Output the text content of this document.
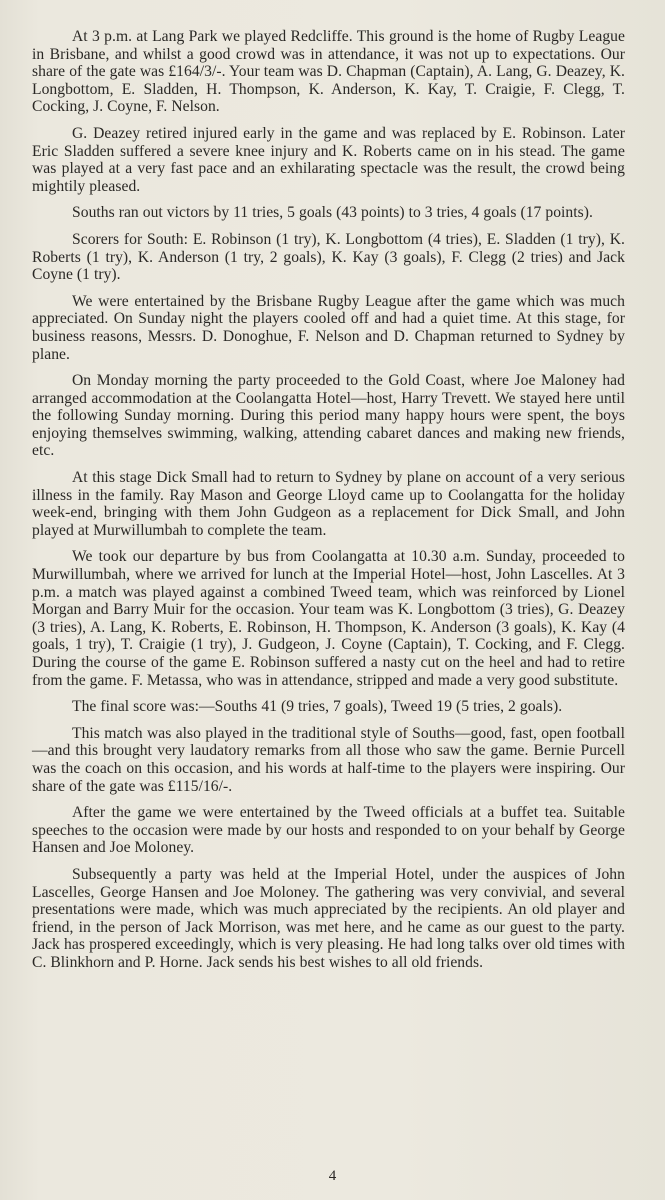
At 3 p.m. at Lang Park we played Redcliffe. This ground is the home of Rugby League in Brisbane, and whilst a good crowd was in attendance, it was not up to expectations. Our share of the gate was £164/3/-. Your team was D. Chapman (Captain), A. Lang, G. Deazey, K. Longbottom, E. Sladden, H. Thompson, K. Anderson, K. Kay, T. Craigie, F. Clegg, T. Cocking, J. Coyne, F. Nelson.

G. Deazey retired injured early in the game and was replaced by E. Robinson. Later Eric Sladden suffered a severe knee injury and K. Roberts came on in his stead. The game was played at a very fast pace and an exhilarating spectacle was the result, the crowd being mightily pleased.

Souths ran out victors by 11 tries, 5 goals (43 points) to 3 tries, 4 goals (17 points).

Scorers for South: E. Robinson (1 try), K. Longbottom (4 tries), E. Sladden (1 try), K. Roberts (1 try), K. Anderson (1 try, 2 goals), K. Kay (3 goals), F. Clegg (2 tries) and Jack Coyne (1 try).

We were entertained by the Brisbane Rugby League after the game which was much appreciated. On Sunday night the players cooled off and had a quiet time. At this stage, for business reasons, Messrs. D. Donoghue, F. Nelson and D. Chapman returned to Sydney by plane.

On Monday morning the party proceeded to the Gold Coast, where Joe Maloney had arranged accommodation at the Coolangatta Hotel—host, Harry Trevett. We stayed here until the following Sunday morning. During this period many happy hours were spent, the boys enjoying themselves swimming, walking, attending cabaret dances and making new friends, etc.

At this stage Dick Small had to return to Sydney by plane on account of a very serious illness in the family. Ray Mason and George Lloyd came up to Coolangatta for the holiday week-end, bringing with them John Gudgeon as a replacement for Dick Small, and John played at Murwillumbah to complete the team.

We took our departure by bus from Coolangatta at 10.30 a.m. Sunday, proceeded to Murwillumbah, where we arrived for lunch at the Imperial Hotel—host, John Lascelles. At 3 p.m. a match was played against a combined Tweed team, which was reinforced by Lionel Morgan and Barry Muir for the occasion. Your team was K. Longbottom (3 tries), G. Deazey (3 tries), A. Lang, K. Roberts, E. Robinson, H. Thompson, K. Anderson (3 goals), K. Kay (4 goals, 1 try), T. Craigie (1 try), J. Gudgeon, J. Coyne (Captain), T. Cocking, and F. Clegg. During the course of the game E. Robinson suffered a nasty cut on the heel and had to retire from the game. F. Metassa, who was in attendance, stripped and made a very good substitute.

The final score was:—Souths 41 (9 tries, 7 goals), Tweed 19 (5 tries, 2 goals).

This match was also played in the traditional style of Souths—good, fast, open football—and this brought very laudatory remarks from all those who saw the game. Bernie Purcell was the coach on this occasion, and his words at half-time to the players were inspiring. Our share of the gate was £115/16/-.

After the game we were entertained by the Tweed officials at a buffet tea. Suitable speeches to the occasion were made by our hosts and responded to on your behalf by George Hansen and Joe Moloney.

Subsequently a party was held at the Imperial Hotel, under the auspices of John Lascelles, George Hansen and Joe Moloney. The gathering was very convivial, and several presentations were made, which was much appreciated by the recipients. An old player and friend, in the person of Jack Morrison, was met here, and he came as our guest to the party. Jack has prospered exceedingly, which is very pleasing. He had long talks over old times with C. Blinkhorn and P. Horne. Jack sends his best wishes to all old friends.

4
